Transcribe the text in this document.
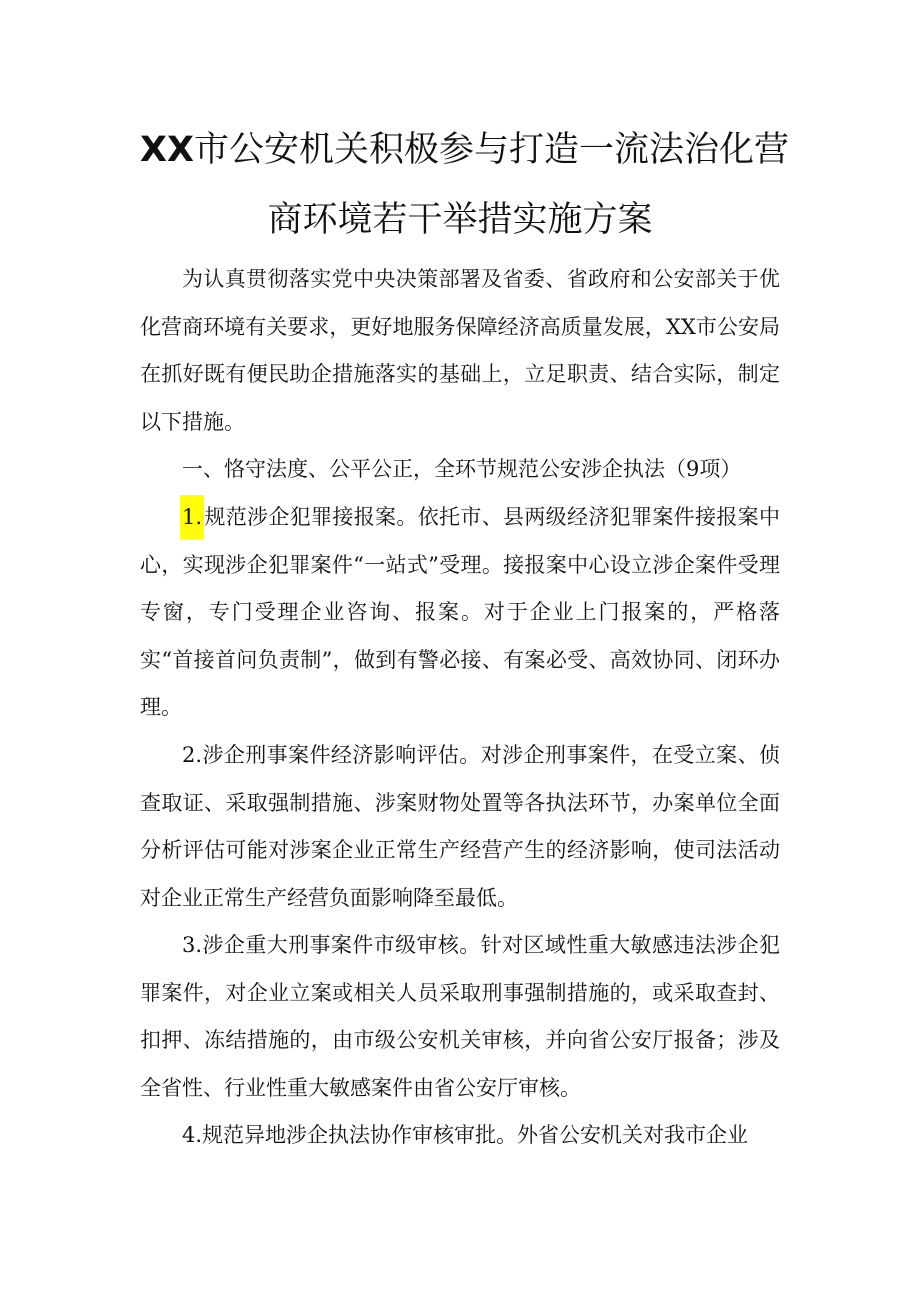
XX市公安机关积极参与打造一流法治化营
商环境若干举措实施方案

为认真贯彻落实党中央决策部署及省委、省政府和公安部关于优化营商环境有关要求，更好地服务保障经济高质量发展，XX市公安局在抓好既有便民助企措施落实的基础上，立足职责、结合实际，制定以下措施。

一、恪守法度、公平公正，全环节规范公安涉企执法（9项）

1.规范涉企犯罪接报案。依托市、县两级经济犯罪案件接报案中心，实现涉企犯罪案件“一站式”受理。接报案中心设立涉企案件受理专窗，专门受理企业咨询、报案。对于企业上门报案的，严格落实“首接首问负责制”，做到有警必接、有案必受、高效协同、闭环办理。

2.涉企刑事案件经济影响评估。对涉企刑事案件，在受立案、侦查取证、采取强制措施、涉案财物处置等各执法环节，办案单位全面分析评估可能对涉案企业正常生产经营产生的经济影响，使司法活动对企业正常生产经营负面影响降至最低。

3.涉企重大刑事案件市级审核。针对区域性重大敏感违法涉企犯罪案件，对企业立案或相关人员采取刑事强制措施的，或采取查封、扣押、冻结措施的，由市级公安机关审核，并向省公安厅报备；涉及全省性、行业性重大敏感案件由省公安厅审核。

4.规范异地涉企执法协作审核审批。外省公安机关对我市企业
